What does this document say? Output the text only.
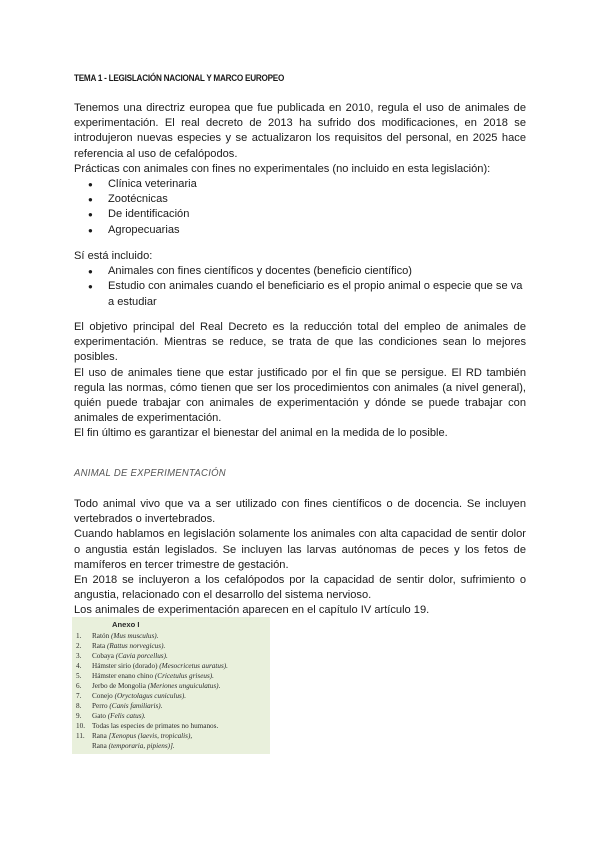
TEMA 1 - LEGISLACIÓN NACIONAL Y MARCO EUROPEO

Tenemos una directriz europea que fue publicada en 2010, regula el uso de animales de experimentación. El real decreto de 2013 ha sufrido dos modificaciones, en 2018 se introdujeron nuevas especies y se actualizaron los requisitos del personal, en 2025 hace referencia al uso de cefalópodos.

Prácticas con animales con fines no experimentales (no incluido en esta legislación):

● Clínica veterinaria
● Zootécnicas
● De identificación
● Agropecuarias

Sí está incluido:

● Animales con fines científicos y docentes (beneficio científico)
● Estudio con animales cuando el beneficiario es el propio animal o especie que se va a estudiar

El objetivo principal del Real Decreto es la reducción total del empleo de animales de experimentación. Mientras se reduce, se trata de que las condiciones sean lo mejores posibles.

El uso de animales tiene que estar justificado por el fin que se persigue. El RD también regula las normas, cómo tienen que ser los procedimientos con animales (a nivel general), quién puede trabajar con animales de experimentación y dónde se puede trabajar con animales de experimentación.

El fin último es garantizar el bienestar del animal en la medida de lo posible.

ANIMAL DE EXPERIMENTACIÓN

Todo animal vivo que va a ser utilizado con fines científicos o de docencia. Se incluyen vertebrados o invertebrados.

Cuando hablamos en legislación solamente los animales con alta capacidad de sentir dolor o angustia están legislados. Se incluyen las larvas autónomas de peces y los fetos de mamíferos en tercer trimestre de gestación.

En 2018 se incluyeron a los cefalópodos por la capacidad de sentir dolor, sufrimiento o angustia, relacionado con el desarrollo del sistema nervioso.

Los animales de experimentación aparecen en el capítulo IV artículo 19.

Anexo I
1. Ratón (Mus musculus).
2. Rata (Rattus norvegicus).
3. Cobaya (Cavia porcellus).
4. Hámster sirio (dorado) (Mesocricetus auratus).
5. Hámster enano chino (Cricetulus griseus).
6. Jerbo de Mongolia (Meriones unguiculatus).
7. Conejo (Oryctolagus cuniculus).
8. Perro (Canis familiaris).
9. Gato (Felis catus).
10. Todas las especies de primates no humanos.
11. Rana [Xenopus (laevis, tropicalis),
Rana (temporaria, pipiens)].
